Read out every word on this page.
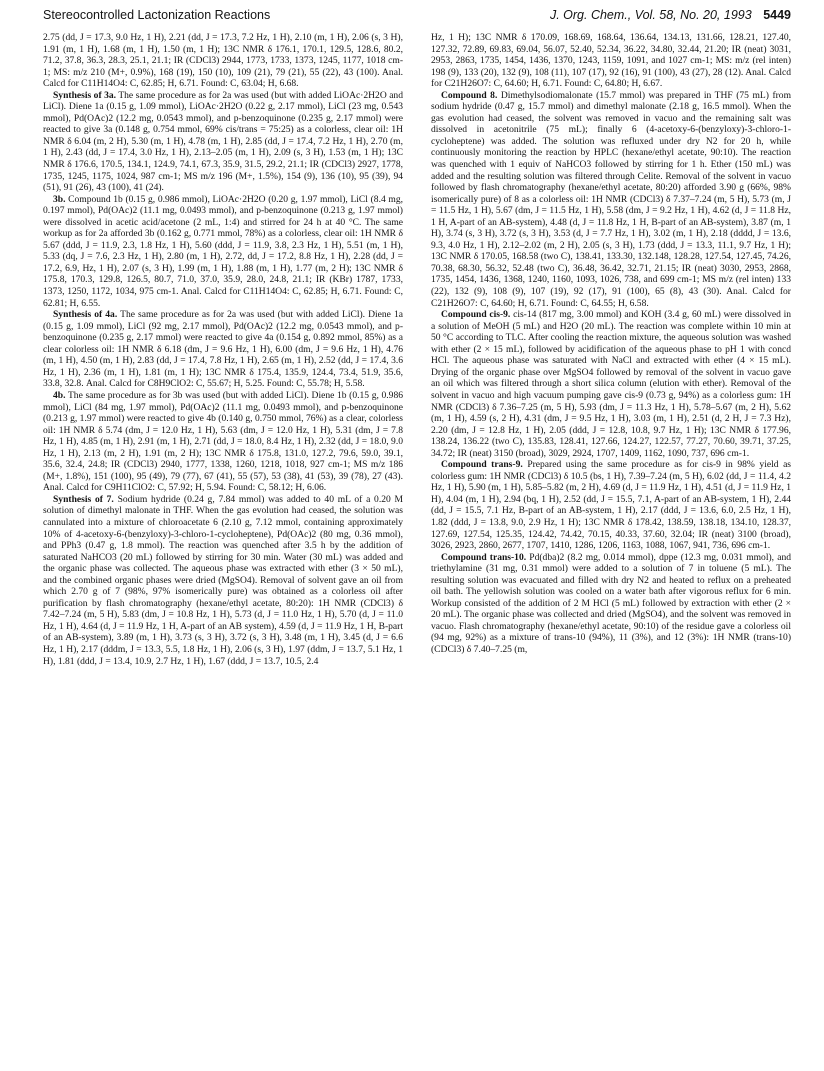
Stereocontrolled Lactonization Reactions	J. Org. Chem., Vol. 58, No. 20, 1993 5449

2.75 (dd, J = 17.3, 9.0 Hz, 1 H), 2.21 (dd, J = 17.3, 7.2 Hz, 1 H), 2.10 (m, 1 H), 2.06 (s, 3 H), 1.91 (m, 1 H), 1.68 (m, 1 H), 1.50 (m, 1 H); 13C NMR δ 176.1, 170.1, 129.5, 128.6, 80.2, 71.2, 37.8, 36.3, 28.3, 25.1, 21.1; IR (CDCl3) 2944, 1773, 1733, 1373, 1245, 1177, 1018 cm-1; MS: m/z 210 (M+, 0.9%), 168 (19), 150 (10), 109 (21), 79 (21), 55 (22), 43 (100). Anal. Calcd for C11H14O4: C, 62.85; H, 6.71. Found: C, 63.04; H, 6.68.

Synthesis of 3a. The same procedure as for 2a was used (but with added LiOAc·2H2O and LiCl). Diene 1a (0.15 g, 1.09 mmol), LiOAc·2H2O (0.22 g, 2.17 mmol), LiCl (23 mg, 0.543 mmol), Pd(OAc)2 (12.2 mg, 0.0543 mmol), and p-benzoquinone (0.235 g, 2.17 mmol) were reacted to give 3a (0.148 g, 0.754 mmol, 69% cis/trans = 75:25) as a colorless, clear oil: 1H NMR δ 6.04 (m, 2 H), 5.30 (m, 1 H), 4.78 (m, 1 H), 2.85 (dd, J = 17.4, 7.2 Hz, 1 H), 2.70 (m, 1 H), 2.43 (dd, J = 17.4, 3.0 Hz, 1 H), 2.13–2.05 (m, 1 H), 2.09 (s, 3 H), 1.53 (m, 1 H); 13C NMR δ 176.6, 170.5, 134.1, 124.9, 74.1, 67.3, 35.9, 31.5, 29.2, 21.1; IR (CDCl3) 2927, 1778, 1735, 1245, 1175, 1024, 987 cm-1; MS m/z 196 (M+, 1.5%), 154 (9), 136 (10), 95 (39), 94 (51), 91 (26), 43 (100), 41 (24).

3b. Compound 1b (0.15 g, 0.986 mmol), LiOAc·2H2O (0.20 g, 1.97 mmol), LiCl (8.4 mg, 0.197 mmol), Pd(OAc)2 (11.1 mg, 0.0493 mmol), and p-benzoquinone (0.213 g, 1.97 mmol) were dissolved in acetic acid/acetone (2 mL, 1:4) and stirred for 24 h at 40 °C. The same workup as for 2a afforded 3b (0.162 g, 0.771 mmol, 78%) as a colorless, clear oil: 1H NMR δ 5.67 (ddd, J = 11.9, 2.3, 1.8 Hz, 1 H), 5.60 (ddd, J = 11.9, 3.8, 2.3 Hz, 1 H), 5.51 (m, 1 H), 5.33 (dq, J = 7.6, 2.3 Hz, 1 H), 2.80 (m, 1 H), 2.72, dd, J = 17.2, 8.8 Hz, 1 H), 2.28 (dd, J = 17.2, 6.9, Hz, 1 H), 2.07 (s, 3 H), 1.99 (m, 1 H), 1.88 (m, 1 H), 1.77 (m, 2 H); 13C NMR δ 175.8, 170.3, 129.8, 126.5, 80.7, 71.0, 37.0, 35.9, 28.0, 24.8, 21.1; IR (KBr) 1787, 1733, 1373, 1250, 1172, 1034, 975 cm-1. Anal. Calcd for C11H14O4: C, 62.85; H, 6.71. Found: C, 62.81; H, 6.55.

Synthesis of 4a. The same procedure as for 2a was used (but with added LiCl). Diene 1a (0.15 g, 1.09 mmol), LiCl (92 mg, 2.17 mmol), Pd(OAc)2 (12.2 mg, 0.0543 mmol), and p-benzoquinone (0.235 g, 2.17 mmol) were reacted to give 4a (0.154 g, 0.892 mmol, 85%) as a clear colorless oil: 1H NMR δ 6.18 (dm, J = 9.6 Hz, 1 H), 6.00 (dm, J = 9.6 Hz, 1 H), 4.76 (m, 1 H), 4.50 (m, 1 H), 2.83 (dd, J = 17.4, 7.8 Hz, 1 H), 2.65 (m, 1 H), 2.52 (dd, J = 17.4, 3.6 Hz, 1 H), 2.36 (m, 1 H), 1.81 (m, 1 H); 13C NMR δ 175.4, 135.9, 124.4, 73.4, 51.9, 35.6, 33.8, 32.8. Anal. Calcd for C8H9ClO2: C, 55.67; H, 5.25. Found: C, 55.78; H, 5.58.

4b. The same procedure as for 3b was used (but with added LiCl). Diene 1b (0.15 g, 0.986 mmol), LiCl (84 mg, 1.97 mmol), Pd(OAc)2 (11.1 mg, 0.0493 mmol), and p-benzoquinone (0.213 g, 1.97 mmol) were reacted to give 4b (0.140 g, 0.750 mmol, 76%) as a clear, colorless oil: 1H NMR δ 5.74 (dm, J = 12.0 Hz, 1 H), 5.63 (dm, J = 12.0 Hz, 1 H), 5.31 (dm, J = 7.8 Hz, 1 H), 4.85 (m, 1 H), 2.91 (m, 1 H), 2.71 (dd, J = 18.0, 8.4 Hz, 1 H), 2.32 (dd, J = 18.0, 9.0 Hz, 1 H), 2.13 (m, 2 H), 1.91 (m, 2 H); 13C NMR δ 175.8, 131.0, 127.2, 79.6, 59.0, 39.1, 35.6, 32.4, 24.8; IR (CDCl3) 2940, 1777, 1338, 1260, 1218, 1018, 927 cm-1; MS m/z 186 (M+, 1.8%), 151 (100), 95 (49), 79 (77), 67 (41), 55 (57), 53 (38), 41 (53), 39 (78), 27 (43). Anal. Calcd for C9H11ClO2: C, 57.92; H, 5.94. Found: C, 58.12; H, 6.06.

Synthesis of 7. Sodium hydride (0.24 g, 7.84 mmol) was added to 40 mL of a 0.20 M solution of dimethyl malonate in THF. When the gas evolution had ceased, the solution was cannulated into a mixture of chloroacetate 6 (2.10 g, 7.12 mmol, containing approximately 10% of 4-acetoxy-6-(benzyloxy)-3-chloro-1-cycloheptene), Pd(OAc)2 (80 mg, 0.36 mmol), and PPh3 (0.47 g, 1.8 mmol). The reaction was quenched after 3.5 h by the addition of saturated NaHCO3 (20 mL) followed by stirring for 30 min. Water (30 mL) was added and the organic phase was collected. The aqueous phase was extracted with ether (3 × 50 mL), and the combined organic phases were dried (MgSO4). Removal of solvent gave an oil from which 2.70 g of 7 (98%, 97% isomerically pure) was obtained as a colorless oil after purification by flash chromatography (hexane/ethyl acetate, 80:20): 1H NMR (CDCl3) δ 7.42–7.24 (m, 5 H), 5.83 (dm, J = 10.8 Hz, 1 H), 5.73 (d, J = 11.0 Hz, 1 H), 5.70 (d, J = 11.0 Hz, 1 H), 4.64 (d, J = 11.9 Hz, 1 H, A-part of an AB system), 4.59 (d, J = 11.9 Hz, 1 H, B-part of an AB-system), 3.89 (m, 1 H), 3.73 (s, 3 H), 3.72 (s, 3 H), 3.48 (m, 1 H), 3.45 (d, J = 6.6 Hz, 1 H), 2.17 (dddm, J = 13.3, 5.5, 1.8 Hz, 1 H), 2.06 (s, 3 H), 1.97 (ddm, J = 13.7, 5.1 Hz, 1 H), 1.81 (ddd, J = 13.4, 10.9, 2.7 Hz, 1 H), 1.67 (ddd, J = 13.7, 10.5, 2.4

Hz, 1 H); 13C NMR δ 170.09, 168.69, 168.64, 136.64, 134.13, 131.66, 128.21, 127.40, 127.32, 72.89, 69.83, 69.04, 56.07, 52.40, 52.34, 36.22, 34.80, 32.44, 21.20; IR (neat) 3031, 2953, 2863, 1735, 1454, 1436, 1370, 1243, 1159, 1091, and 1027 cm-1; MS: m/z (rel inten) 198 (9), 133 (20), 132 (9), 108 (11), 107 (17), 92 (16), 91 (100), 43 (27), 28 (12). Anal. Calcd for C21H26O7: C, 64.60; H, 6.71. Found: C, 64.80; H, 6.67.

Compound 8. Dimethylsodiomalonate (15.7 mmol) was prepared in THF (75 mL) from sodium hydride (0.47 g, 15.7 mmol) and dimethyl malonate (2.18 g, 16.5 mmol). When the gas evolution had ceased, the solvent was removed in vacuo and the remaining salt was dissolved in acetonitrile (75 mL); finally 6 (4-acetoxy-6-(benzyloxy)-3-chloro-1-cycloheptene) was added. The solution was refluxed under dry N2 for 20 h, while continuously monitoring the reaction by HPLC (hexane/ethyl acetate, 90:10). The reaction was quenched with 1 equiv of NaHCO3 followed by stirring for 1 h. Ether (150 mL) was added and the resulting solution was filtered through Celite. Removal of the solvent in vacuo followed by flash chromatography (hexane/ethyl acetate, 80:20) afforded 3.90 g (66%, 98% isomerically pure) of 8 as a colorless oil: 1H NMR (CDCl3) δ 7.37–7.24 (m, 5 H), 5.73 (m, J = 11.5 Hz, 1 H), 5.67 (dm, J = 11.5 Hz, 1 H), 5.58 (dm, J = 9.2 Hz, 1 H), 4.62 (d, J = 11.8 Hz, 1 H, A-part of an AB-system), 4.48 (d, J = 11.8 Hz, 1 H, B-part of an AB-system), 3.87 (m, 1 H), 3.74 (s, 3 H), 3.72 (s, 3 H), 3.53 (d, J = 7.7 Hz, 1 H), 3.02 (m, 1 H), 2.18 (dddd, J = 13.6, 9.3, 4.0 Hz, 1 H), 2.12–2.02 (m, 2 H), 2.05 (s, 3 H), 1.73 (ddd, J = 13.3, 11.1, 9.7 Hz, 1 H); 13C NMR δ 170.05, 168.58 (two C), 138.41, 133.30, 132.148, 128.28, 127.54, 127.45, 74.26, 70.38, 68.30, 56.32, 52.48 (two C), 36.48, 36.42, 32.71, 21.15; IR (neat) 3030, 2953, 2868, 1735, 1454, 1436, 1368, 1240, 1160, 1093, 1026, 738, and 699 cm-1; MS m/z (rel inten) 133 (22), 132 (9), 108 (9), 107 (19), 92 (17), 91 (100), 65 (8), 43 (30). Anal. Calcd for C21H26O7: C, 64.60; H, 6.71. Found: C, 64.55; H, 6.58.

Compound cis-9. cis-14 (817 mg, 3.00 mmol) and KOH (3.4 g, 60 mL) were dissolved in a solution of MeOH (5 mL) and H2O (20 mL). The reaction was complete within 10 min at 50 °C according to TLC. After cooling the reaction mixture, the aqueous solution was washed with ether (2 × 15 mL), followed by acidification of the aqueous phase to pH 1 with concd HCl. The aqueous phase was saturated with NaCl and extracted with ether (4 × 15 mL). Drying of the organic phase over MgSO4 followed by removal of the solvent in vacuo gave an oil which was filtered through a short silica column (elution with ether). Removal of the solvent in vacuo and high vacuum pumping gave cis-9 (0.73 g, 94%) as a colorless gum: 1H NMR (CDCl3) δ 7.36–7.25 (m, 5 H), 5.93 (dm, J = 11.3 Hz, 1 H), 5.78–5.67 (m, 2 H), 5.62 (m, 1 H), 4.59 (s, 2 H), 4.31 (dm, J = 9.5 Hz, 1 H), 3.03 (m, 1 H), 2.51 (d, 2 H, J = 7.3 Hz), 2.20 (dm, J = 12.8 Hz, 1 H), 2.05 (ddd, J = 12.8, 10.8, 9.7 Hz, 1 H); 13C NMR δ 177.96, 138.24, 136.22 (two C), 135.83, 128.41, 127.66, 124.27, 122.57, 77.27, 70.60, 39.71, 37.25, 34.72; IR (neat) 3150 (broad), 3029, 2924, 1707, 1409, 1162, 1090, 737, 696 cm-1.

Compound trans-9. Prepared using the same procedure as for cis-9 in 98% yield as colorless gum: 1H NMR (CDCl3) δ 10.5 (bs, 1 H), 7.39–7.24 (m, 5 H), 6.02 (dd, J = 11.4, 4.2 Hz, 1 H), 5.90 (m, 1 H), 5.85–5.82 (m, 2 H), 4.69 (d, J = 11.9 Hz, 1 H), 4.51 (d, J = 11.9 Hz, 1 H), 4.04 (m, 1 H), 2.94 (bq, 1 H), 2.52 (dd, J = 15.5, 7.1, A-part of an AB-system, 1 H), 2.44 (dd, J = 15.5, 7.1 Hz, B-part of an AB-system, 1 H), 2.17 (ddd, J = 13.6, 6.0, 2.5 Hz, 1 H), 1.82 (ddd, J = 13.8, 9.0, 2.9 Hz, 1 H); 13C NMR δ 178.42, 138.59, 138.18, 134.10, 128.37, 127.69, 127.54, 125.35, 124.42, 74.42, 70.15, 40.33, 37.60, 32.04; IR (neat) 3100 (broad), 3026, 2923, 2860, 2677, 1707, 1410, 1286, 1206, 1163, 1088, 1067, 941, 736, 696 cm-1.

Compound trans-10. Pd(dba)2 (8.2 mg, 0.014 mmol), dppe (12.3 mg, 0.031 mmol), and triethylamine (31 mg, 0.31 mmol) were added to a solution of 7 in toluene (5 mL). The resulting solution was evacuated and filled with dry N2 and heated to reflux on a preheated oil bath. The yellowish solution was cooled on a water bath after vigorous reflux for 6 min. Workup consisted of the addition of 2 M HCl (5 mL) followed by extraction with ether (2 × 20 mL). The organic phase was collected and dried (MgSO4), and the solvent was removed in vacuo. Flash chromatography (hexane/ethyl acetate, 90:10) of the residue gave a colorless oil (94 mg, 92%) as a mixture of trans-10 (94%), 11 (3%), and 12 (3%): 1H NMR (trans-10) (CDCl3) δ 7.40–7.25 (m,
